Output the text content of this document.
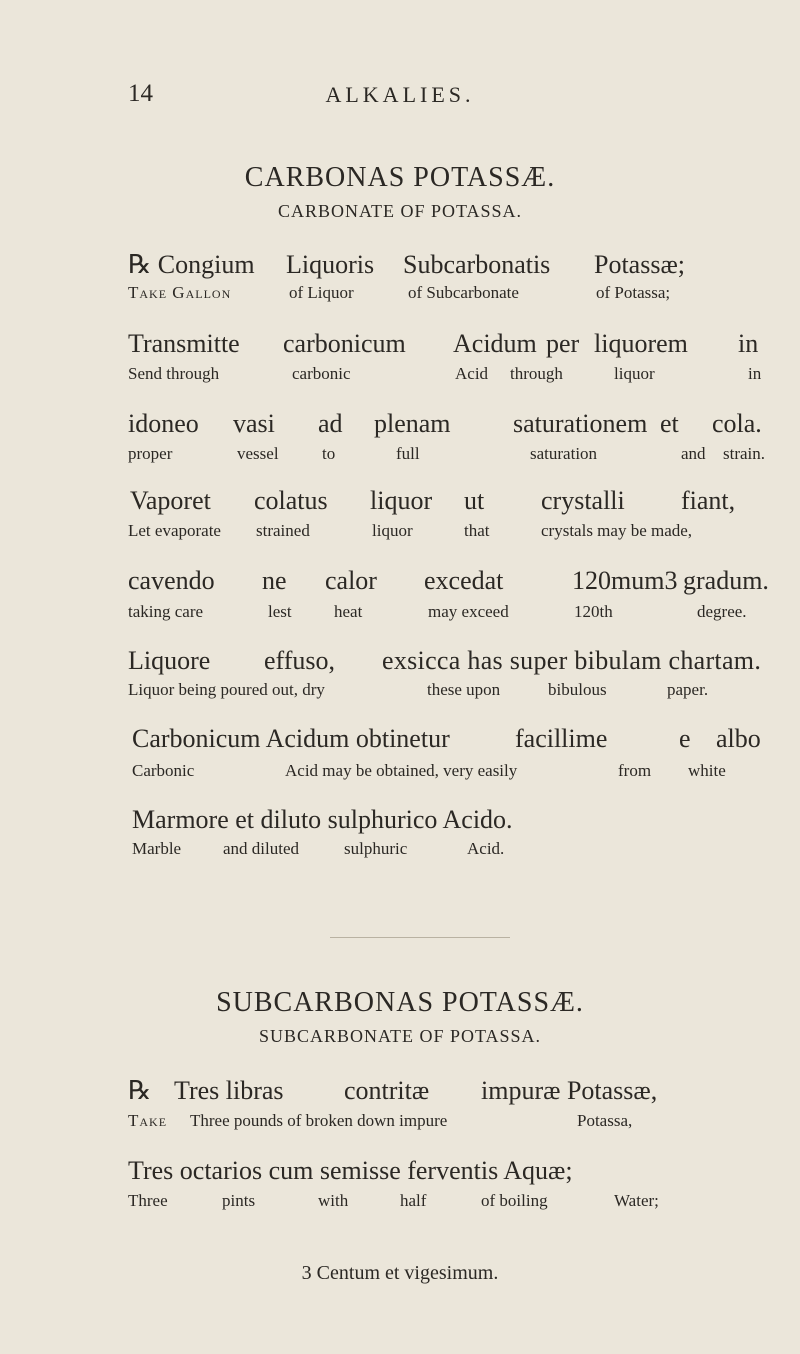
14	ALKALIES.
CARBONAS POTASSÆ.
CARBONATE OF POTASSA.
℞ Congium Liquoris Subcarbonatis Potassæ;
Take Gallon	of Liquor	of Subcarbonate	of Potassa;
Transmitte carbonicum Acidum per liquorem in
Send through	carbonic	Acid through	liquor	in
idoneo vasi ad plenam saturationem et cola.
proper	vessel	to	full	saturation	and strain.
Vaporet colatus liquor ut crystalli fiant,
Let evaporate strained	liquor	that	crystals may be made,
cavendo ne calor excedat	120mum3 gradum.
taking care	lest heat	may exceed	120th	degree.
Liquore effuso, exsicca has super bibulam chartam.
Liquor being poured out, dry	these upon	bibulous	paper.
Carbonicum Acidum obtinetur	facillime	e albo
Carbonic	Acid may be obtained, very easily	from white
Marmore et diluto sulphurico Acido.
Marble and diluted	sulphuric	Acid.
SUBCARBONAS POTASSÆ.
SUBCARBONATE OF POTASSA.
℞ Tres libras contritæ impuræ Potassæ,
Take Three pounds of broken down impure	Potassa,
Tres octarios cum semisse ferventis Aquæ;
Three	pints	with	half	of boiling	Water;
3 Centum et vigesimum.
